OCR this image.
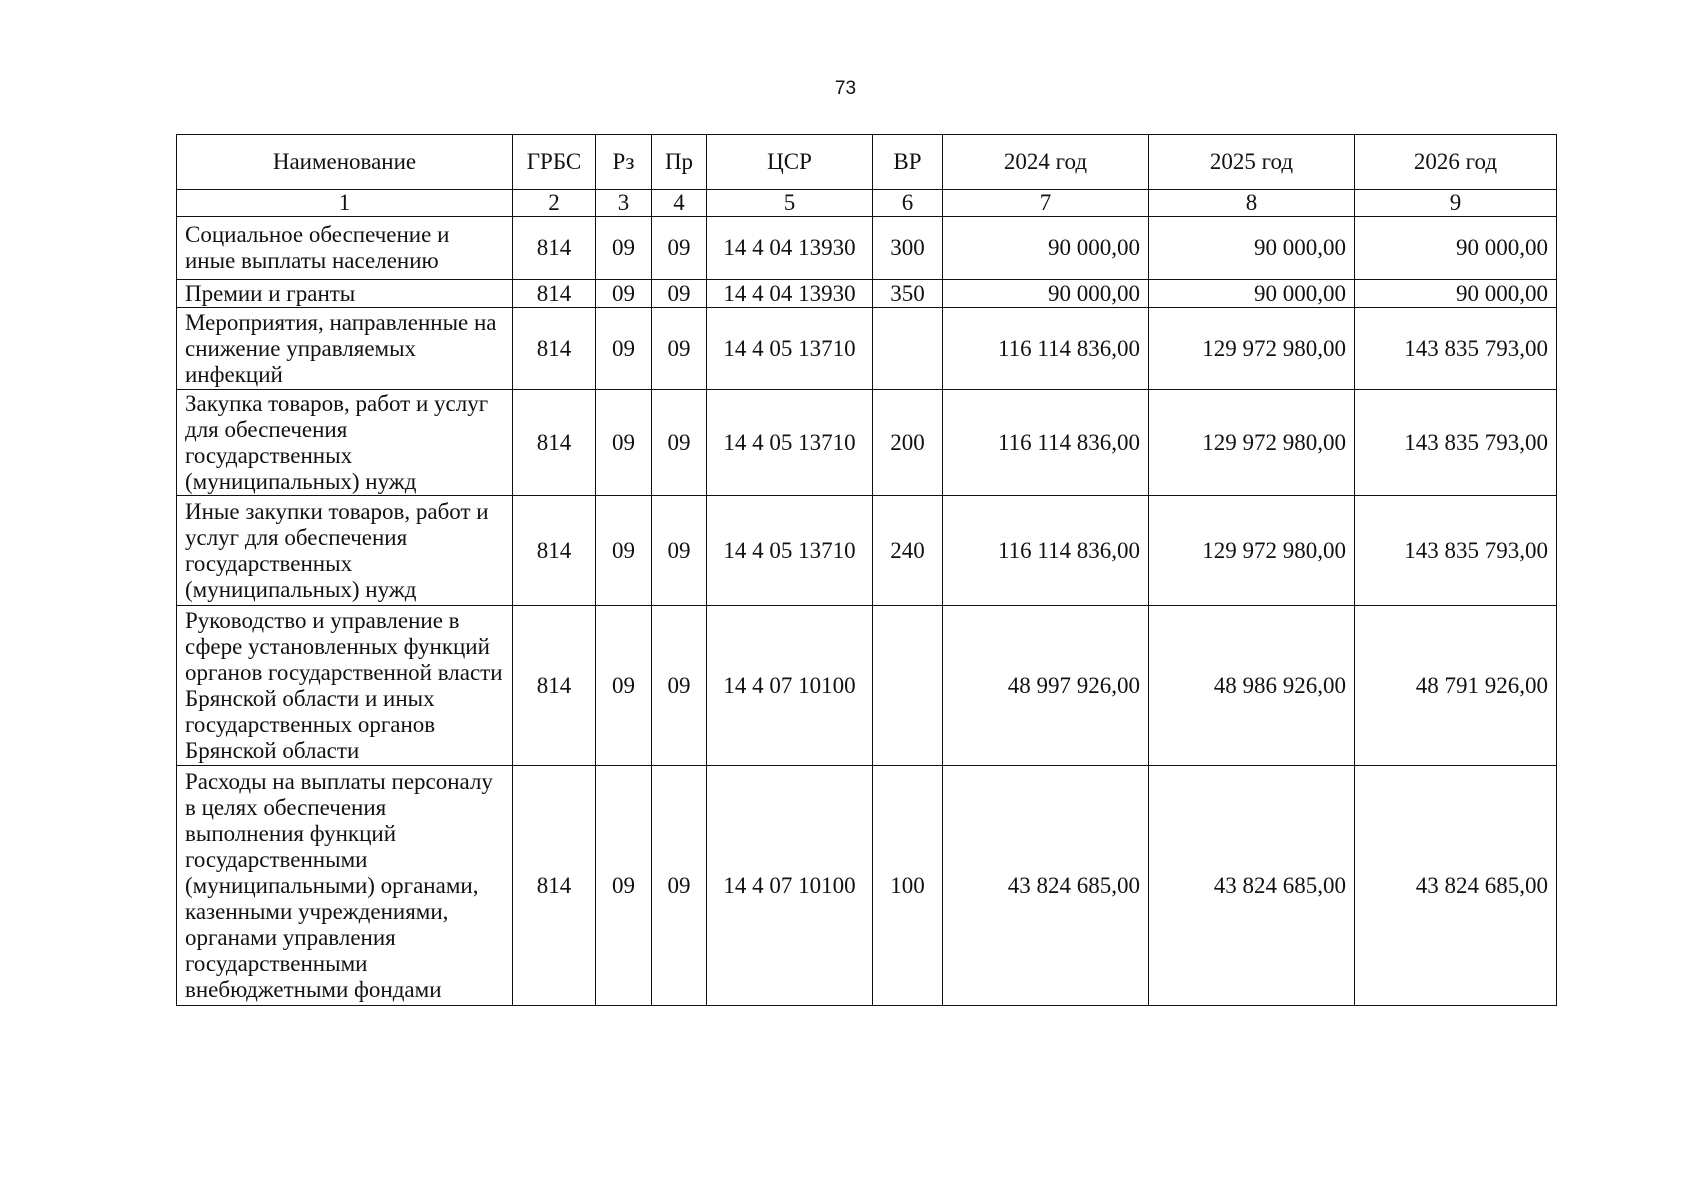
73
Наименование	ГРБС	Рз	Пр	ЦСР	ВР	2024 год	2025 год	2026 год
1	2	3	4	5	6	7	8	9
Социальное обеспечение и иные выплаты населению	814	09	09	14 4 04 13930	300	90 000,00	90 000,00	90 000,00
Премии и гранты	814	09	09	14 4 04 13930	350	90 000,00	90 000,00	90 000,00
Мероприятия, направленные на снижение управляемых инфекций	814	09	09	14 4 05 13710		116 114 836,00	129 972 980,00	143 835 793,00
Закупка товаров, работ и услуг для обеспечения государственных (муниципальных) нужд	814	09	09	14 4 05 13710	200	116 114 836,00	129 972 980,00	143 835 793,00
Иные закупки товаров, работ и услуг для обеспечения государственных (муниципальных) нужд	814	09	09	14 4 05 13710	240	116 114 836,00	129 972 980,00	143 835 793,00
Руководство и управление в сфере установленных функций органов государственной власти Брянской области и иных государственных органов Брянской области	814	09	09	14 4 07 10100		48 997 926,00	48 986 926,00	48 791 926,00
Расходы на выплаты персоналу в целях обеспечения выполнения функций государственными (муниципальными) органами, казенными учреждениями, органами управления государственными внебюджетными фондами	814	09	09	14 4 07 10100	100	43 824 685,00	43 824 685,00	43 824 685,00
